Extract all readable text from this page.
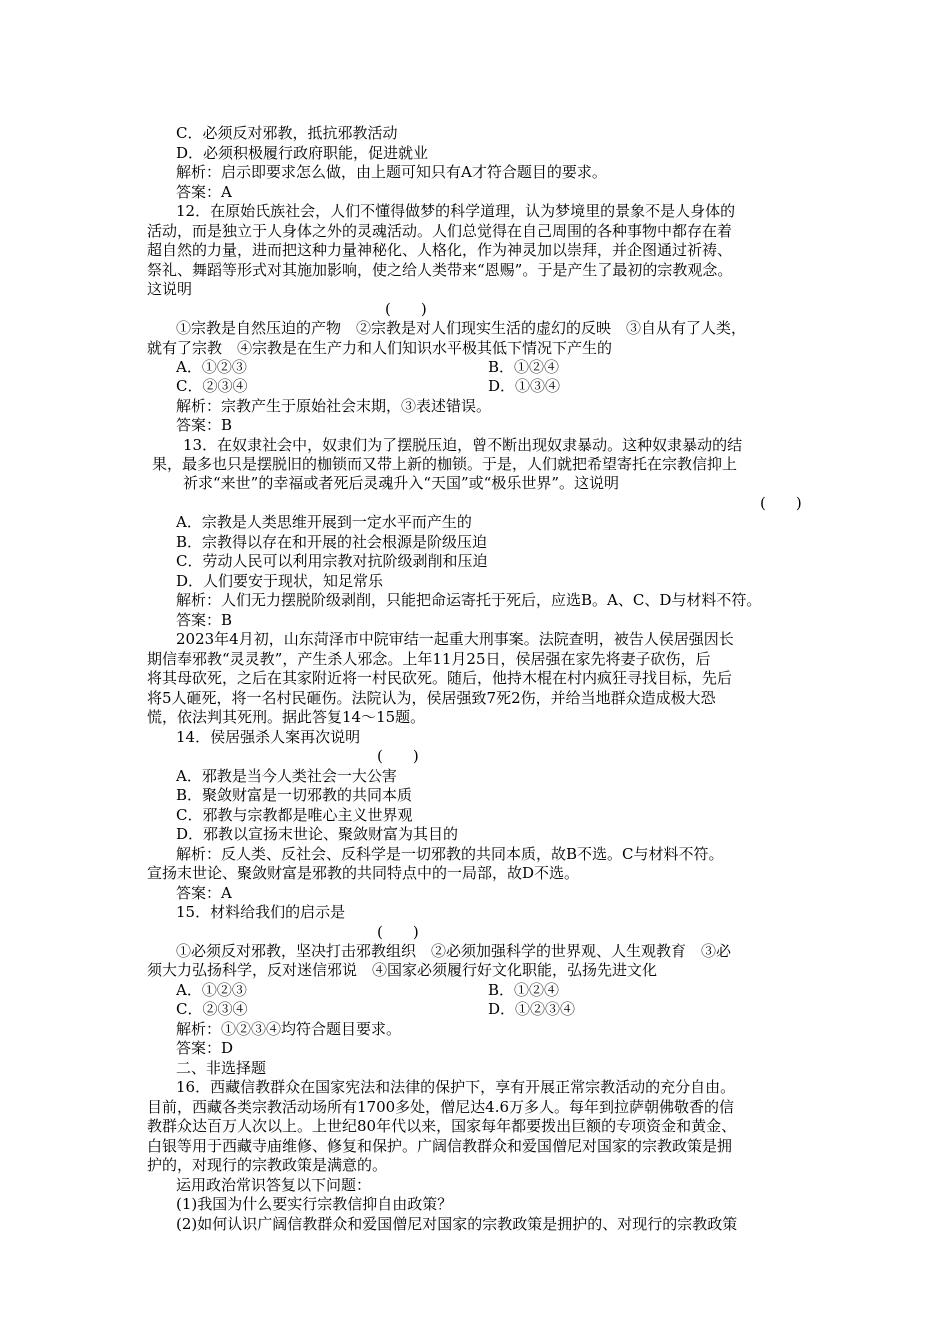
C．必须反对邪教，抵抗邪教活动
D．必须积极履行政府职能，促进就业
解析：启示即要求怎么做，由上题可知只有A才符合题目的要求。
答案：A
12．在原始氏族社会，人们不懂得做梦的科学道理，认为梦境里的景象不是人身体的
活动，而是独立于人身体之外的灵魂活动。人们总觉得在自己周围的各种事物中都存在着
超自然的力量，进而把这种力量神秘化、人格化，作为神灵加以崇拜，并企图通过祈祷、
祭礼、舞蹈等形式对其施加影响，使之给人类带来“恩赐”。于是产生了最初的宗教观念。
这说明
(　　)
①宗教是自然压迫的产物　②宗教是对人们现实生活的虚幻的反映　③自从有了人类，
就有了宗教　④宗教是在生产力和人们知识水平极其低下情况下产生的
A．①②③	B．①②④
C．②③④	D．①③④
解析：宗教产生于原始社会末期，③表述错误。
答案：B
13．在奴隶社会中，奴隶们为了摆脱压迫，曾不断出现奴隶暴动。这种奴隶暴动的结
果，最多也只是摆脱旧的枷锁而又带上新的枷锁。于是，人们就把希望寄托在宗教信抑上
祈求“来世”的幸福或者死后灵魂升入“天国”或“极乐世界”。这说明
(　　)
A．宗教是人类思维开展到一定水平而产生的
B．宗教得以存在和开展的社会根源是阶级压迫
C．劳动人民可以利用宗教对抗阶级剥削和压迫
D．人们要安于现状，知足常乐
解析：人们无力摆脱阶级剥削，只能把命运寄托于死后，应选B。A、C、D与材料不符。
答案：B
2023年4月初，山东菏泽市中院审结一起重大刑事案。法院查明，被告人侯居强因长
期信奉邪教“灵灵教”，产生杀人邪念。上年11月25日，侯居强在家先将妻子砍伤，后
将其母砍死，之后在其家附近将一村民砍死。随后，他持木棍在村内疯狂寻找目标，先后
将5人砸死，将一名村民砸伤。法院认为，侯居强致7死2伤，并给当地群众造成极大恐
慌，依法判其死刑。据此答复14～15题。
14．侯居强杀人案再次说明
(　　)
A．邪教是当今人类社会一大公害
B．聚敛财富是一切邪教的共同本质
C．邪教与宗教都是唯心主义世界观
D．邪教以宣扬末世论、聚敛财富为其目的
解析：反人类、反社会、反科学是一切邪教的共同本质，故B不选。C与材料不符。
宣扬末世论、聚敛财富是邪教的共同特点中的一局部，故D不选。
答案：A
15．材料给我们的启示是
(　　)
①必须反对邪教，坚决打击邪教组织　②必须加强科学的世界观、人生观教育　③必
须大力弘扬科学，反对迷信邪说　④国家必须履行好文化职能，弘扬先进文化
A．①②③	B．①②④
C．②③④	D．①②③④
解析：①②③④均符合题目要求。
答案：D
二、非选择题
16．西藏信教群众在国家宪法和法律的保护下，享有开展正常宗教活动的充分自由。
目前，西藏各类宗教活动场所有1700多处，僧尼达4.6万多人。每年到拉萨朝佛敬香的信
教群众达百万人次以上。上世纪80年代以来，国家每年都要拨出巨额的专项资金和黄金、
白银等用于西藏寺庙维修、修复和保护。广阔信教群众和爱国僧尼对国家的宗教政策是拥
护的，对现行的宗教政策是满意的。
运用政治常识答复以下问题：
(1)我国为什么要实行宗教信抑自由政策？
(2)如何认识广阔信教群众和爱国僧尼对国家的宗教政策是拥护的、对现行的宗教政策
